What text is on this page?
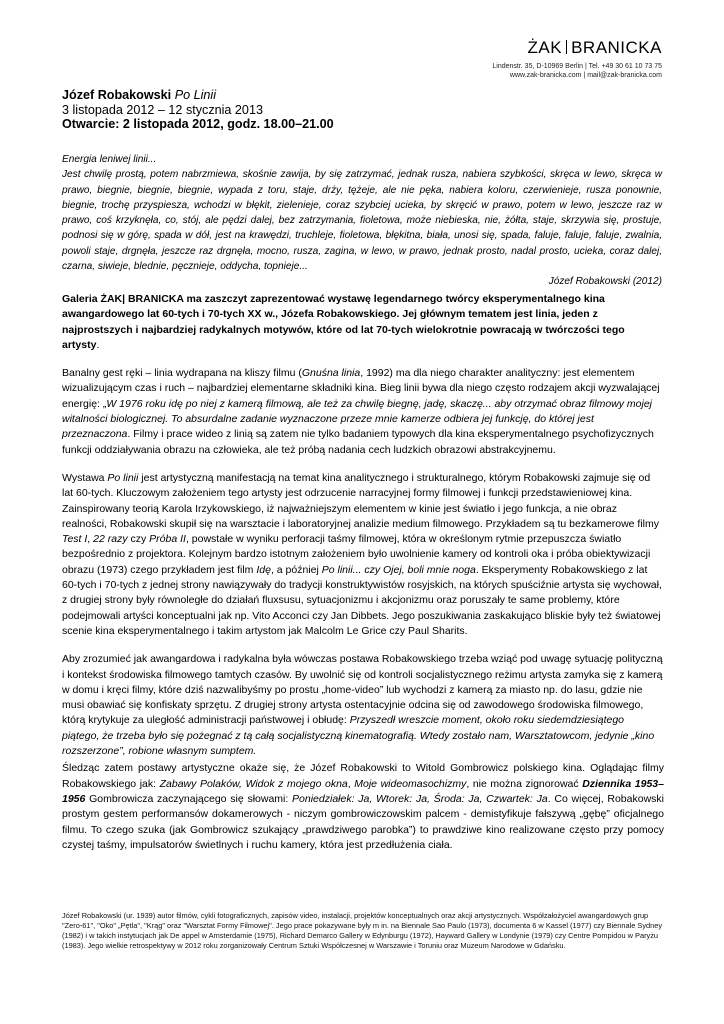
ŻAK BRANICKA
Lindenstr. 35, D-10969 Berlin | Tel. +49 30 61 10 73 75
www.zak-branicka.com | mail@zak-branicka.com
Józef Robakowski Po Linii
3 listopada 2012 – 12 stycznia 2013
Otwarcie: 2 listopada 2012, godz. 18.00–21.00

Energia leniwej linii...

Jest chwilę prostą, potem nabrzmiewa, skośnie zawija, by się zatrzymać, jednak rusza, nabiera szybkości, skręca w lewo, skręca w prawo, biegnie, biegnie, biegnie, wypada z toru, staje, drży, tężeje, ale nie pęka, nabiera koloru, czerwienieje, rusza ponownie, biegnie, trochę przyspiesza, wchodzi w błękit, zielenieje, coraz szybciej ucieka, by skręcić w prawo, potem w lewo, jeszcze raz w prawo, coś krzyknęła, co, stój, ale pędzi dalej, bez zatrzymania, fioletowa, może niebieska, nie, żółta, staje, skrzywia się, prostuje, podnosi się w górę, spada w dół, jest na krawędzi, truchleje, fioletowa, błękitna, biała, unosi się, spada, faluje, faluje, faluje, zwalnia, powoli staje, drgnęła, jeszcze raz drgnęła, mocno, rusza, zagina, w lewo, w prawo, jednak prosto, nadal prosto, ucieka, coraz dalej, czarna, siwieje, blednie, pęcznieje, oddycha, topnieje...

Józef Robakowski (2012)

Galeria ŻAK| BRANICKA ma zaszczyt zaprezentować wystawę legendarnego twórcy eksperymentalnego kina awangardowego lat 60-tych i 70-tych XX w., Józefa Robakowskiego. Jej głównym tematem jest linia, jeden z najprostszych i najbardziej radykalnych motywów, które od lat 70-tych wielokrotnie powracają w twórczości tego artysty.

Banalny gest ręki – linia wydrapana na kliszy filmu (Gnuśna linia, 1992) ma dla niego charakter analityczny: jest elementem wizualizującym czas i ruch – najbardziej elementarne składniki kina. Bieg linii bywa dla niego często rodzajem akcji wyzwalającej energię: „W 1976 roku idę po niej z kamerą filmową, ale też za chwilę biegnę, jadę, skaczę... aby otrzymać obraz filmowy mojej witalności biologicznej. To absurdalne zadanie wyznaczone przeze mnie kamerze odbiera jej funkcję, do której jest przeznaczona. Filmy i prace wideo z linią są zatem nie tylko badaniem typowych dla kina eksperymentalnego psychofizycznych funkcji oddziaływania obrazu na człowieka, ale też próbą nadania cech ludzkich obrazowi abstrakcyjnemu.

Wystawa Po linii jest artystyczną manifestacją na temat kina analitycznego i strukturalnego, którym Robakowski zajmuje się od lat 60-tych. Kluczowym założeniem tego artysty jest odrzucenie narracyjnej formy filmowej i funkcji przedstawieniowej kina. Zainspirowany teorią Karola Irzykowskiego, iż najważniejszym elementem w kinie jest światło i jego funkcja, a nie obraz realności, Robakowski skupił się na warsztacie i laboratoryjnej analizie medium filmowego. Przykładem są tu bezkamerowe filmy Test I, 22 razy czy Próba II, powstałe w wyniku perforacji taśmy filmowej, która w określonym rytmie przepuszcza światło bezpośrednio z projektora. Kolejnym bardzo istotnym założeniem było uwolnienie kamery od kontroli oka i próba obiektywizacji obrazu (1973) czego przykładem jest film Idę, a później Po linii... czy Ojej, boli mnie noga. Eksperymenty Robakowskiego z lat 60-tych i 70-tych z jednej strony nawiązywały do tradycji konstruktywistów rosyjskich, na których spuściźnie artysta się wychował, z drugiej strony były równoległe do działań fluxsusu, sytuacjonizmu i akcjonizmu oraz poruszały te same problemy, które podejmowali artyści konceptualni jak np. Vito Acconci czy Jan Dibbets. Jego poszukiwania zaskakująco bliskie były też światowej scenie kina eksperymentalnego i takim artystom jak Malcolm Le Grice czy Paul Sharits.

Aby zrozumieć jak awangardowa i radykalna była wówczas postawa Robakowskiego trzeba wziąć pod uwagę sytuację polityczną i kontekst środowiska filmowego tamtych czasów. By uwolnić się od kontroli socjalistycznego reżimu artysta zamyka się z kamerą w domu i kręci filmy, które dziś nazwalibyśmy po prostu „home-video” lub wychodzi z kamerą za miasto np. do lasu, gdzie nie musi obawiać się konfiskaty sprzętu. Z drugiej strony artysta ostentacyjnie odcina się od zawodowego środowiska filmowego, którą krytykuje za uległość administracji państwowej i obłudę: Przyszedł wreszcie moment, około roku siedemdziesiątego piątego, że trzeba było się pożegnać z tą całą socjalistyczną kinematografią. Wtedy zostało nam, Warsztatowcom, jedynie „kino rozszerzone”, robione własnym sumptem.

Śledząc zatem postawy artystyczne okaże się, że Józef Robakowski to Witold Gombrowicz polskiego kina. Oglądając filmy Robakowskiego jak: Zabawy Polaków, Widok z mojego okna, Moje wideomasochizmy, nie można zignorować Dziennika 1953–1956 Gombrowicza zaczynającego się słowami: Poniedziałek: Ja, Wtorek: Ja, Środa: Ja, Czwartek: Ja. Co więcej, Robakowski prostym gestem performansów dokamerowych - niczym gombrowiczowskim palcem - demistyfikuje fałszywą „gębę” oficjalnego filmu. To czego szuka (jak Gombrowicz szukający „prawdziwego parobka”) to prawdziwe kino realizowane często przy pomocy czystej taśmy, impulsatorów świetlnych i ruchu kamery, która jest przedłużenia ciała.

Józef Robakowski (ur. 1939) autor filmów, cykli fotograficznych, zapisów video, instalacji, projektów konceptualnych oraz akcji artystycznych. Współzałożyciel awangardowych grup "Zero-61", "Oko" „Pętla", "Krąg" oraz "Warsztat Formy Filmowej". Jego prace pokazywane były m in. na Biennale Sao Paulo (1973), documenta 6 w Kassel (1977) czy Biennale Sydney (1982) i w takich instytucjach jak De appel w Amsterdamie (1975), Richard Demarco Gallery w Edynburgu (1972), Hayward Gallery w Londynie (1979) czy Centre Pompidou w Paryżu (1983). Jego wielkie retrospektywy w 2012 roku zorganizowały Centrum Sztuki Współczesnej w Warszawie i Toruniu oraz Muzeum Narodowe w Gdańsku.
